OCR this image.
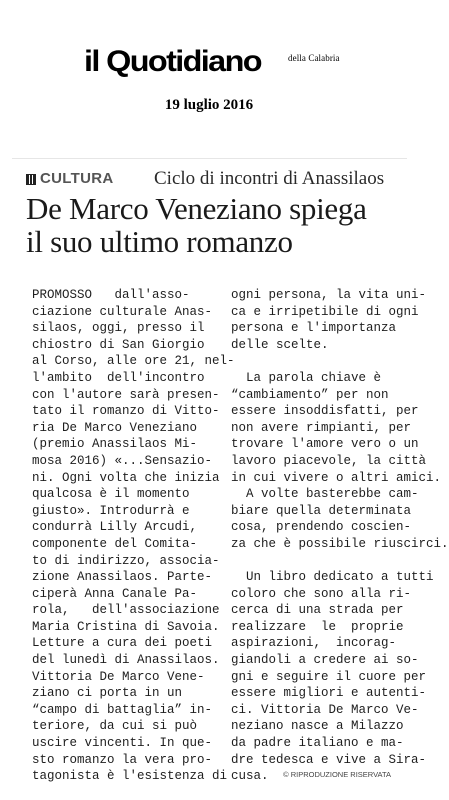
il Quotidiano	della Calabria
19 luglio 2016
CULTURA Ciclo di incontri di Anassilaos
De Marco Veneziano spiega
il suo ultimo romanzo
PROMOSSO   dall'asso-
ciazione culturale Anas-
silaos, oggi, presso il
chiostro di San Giorgio
al Corso, alle ore 21, nel-
l'ambito  dell'incontro
con l'autore sarà presen-
tato il romanzo di Vitto-
ria De Marco Veneziano
(premio Anassilaos Mi-
mosa 2016) «...Sensazio-
ni. Ogni volta che inizia
qualcosa è il momento
giusto». Introdurrà e
condurrà Lilly Arcudi,
componente del Comita-
to di indirizzo, associa-
zione Anassilaos. Parte-
ciperà Anna Canale Pa-
rola,   dell'associazione
Maria Cristina di Savoia.
Letture a cura dei poeti
del lunedì di Anassilaos.
Vittoria De Marco Vene-
ziano ci porta in un
“campo di battaglia” in-
teriore, da cui si può
uscire vincenti. In que-
sto romanzo la vera pro-
tagonista è l'esistenza di
ogni persona, la vita uni-
ca e irripetibile di ogni
persona e l'importanza
delle scelte.
La parola chiave è
“cambiamento” per non
essere insoddisfatti, per
non avere rimpianti, per
trovare l'amore vero o un
lavoro piacevole, la città
in cui vivere o altri amici.
A volte basterebbe cam-
biare quella determinata
cosa, prendendo coscien-
za che è possibile riuscirci.
Un libro dedicato a tutti
coloro che sono alla ri-
cerca di una strada per
realizzare  le  proprie
aspirazioni,  incorag-
giandoli a credere ai so-
gni e seguire il cuore per
essere migliori e autenti-
ci. Vittoria De Marco Ve-
neziano nasce a Milazzo
da padre italiano e ma-
dre tedesca e vive a Sira-
cusa.	© RIPRODUZIONE RISERVATA
